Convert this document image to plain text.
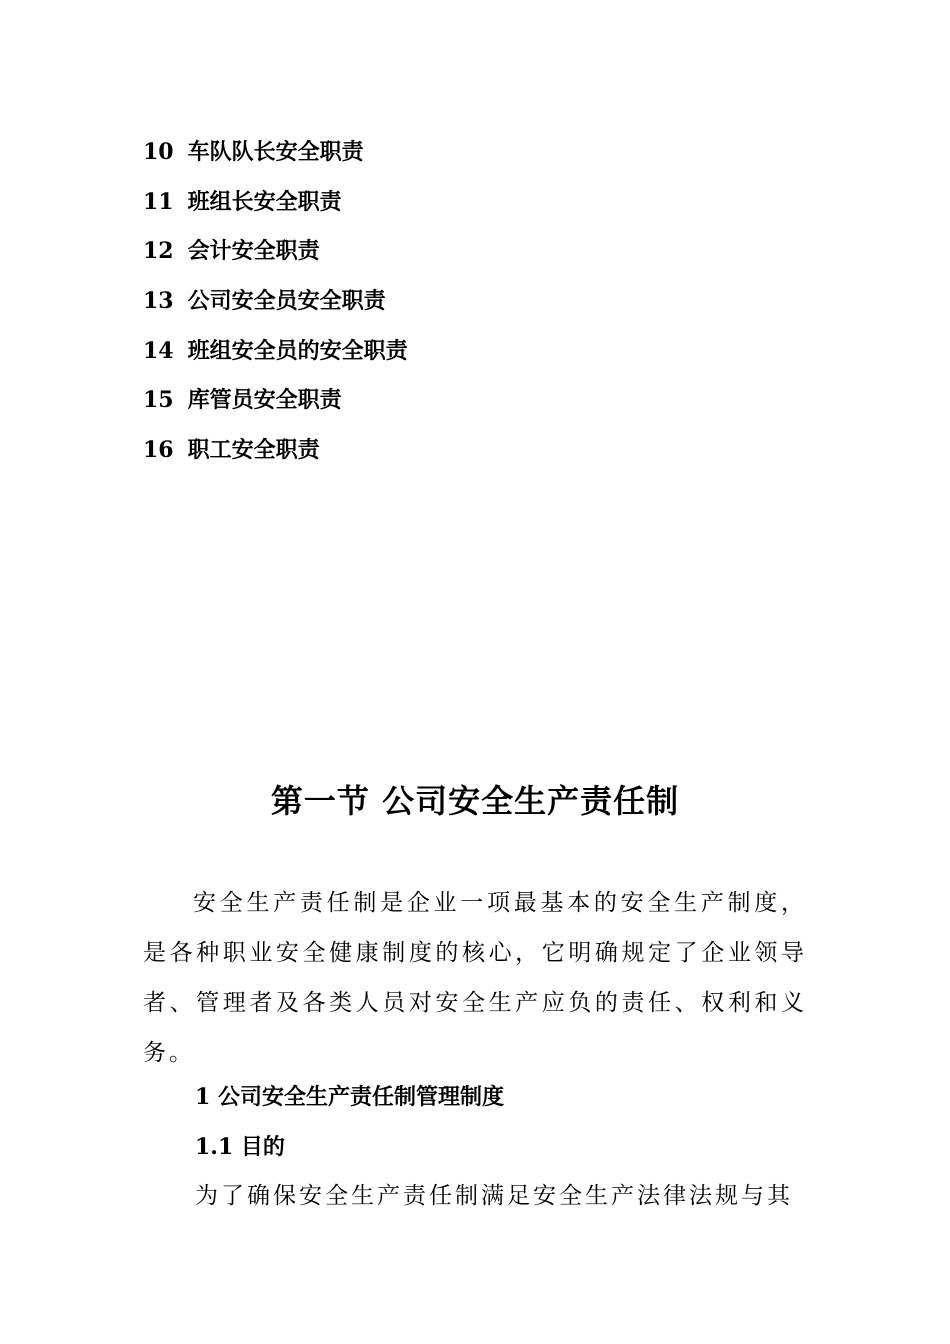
10 车队队长安全职责
11 班组长安全职责
12 会计安全职责
13 公司安全员安全职责
14 班组安全员的安全职责
15 库管员安全职责
16 职工安全职责
第一节 公司安全生产责任制

安全生产责任制是企业一项最基本的安全生产制度，是各种职业安全健康制度的核心，它明确规定了企业领导者、管理者及各类人员对安全生产应负的责任、权利和义务。

1 公司安全生产责任制管理制度
1.1 目的

为了确保安全生产责任制满足安全生产法律法规与其
